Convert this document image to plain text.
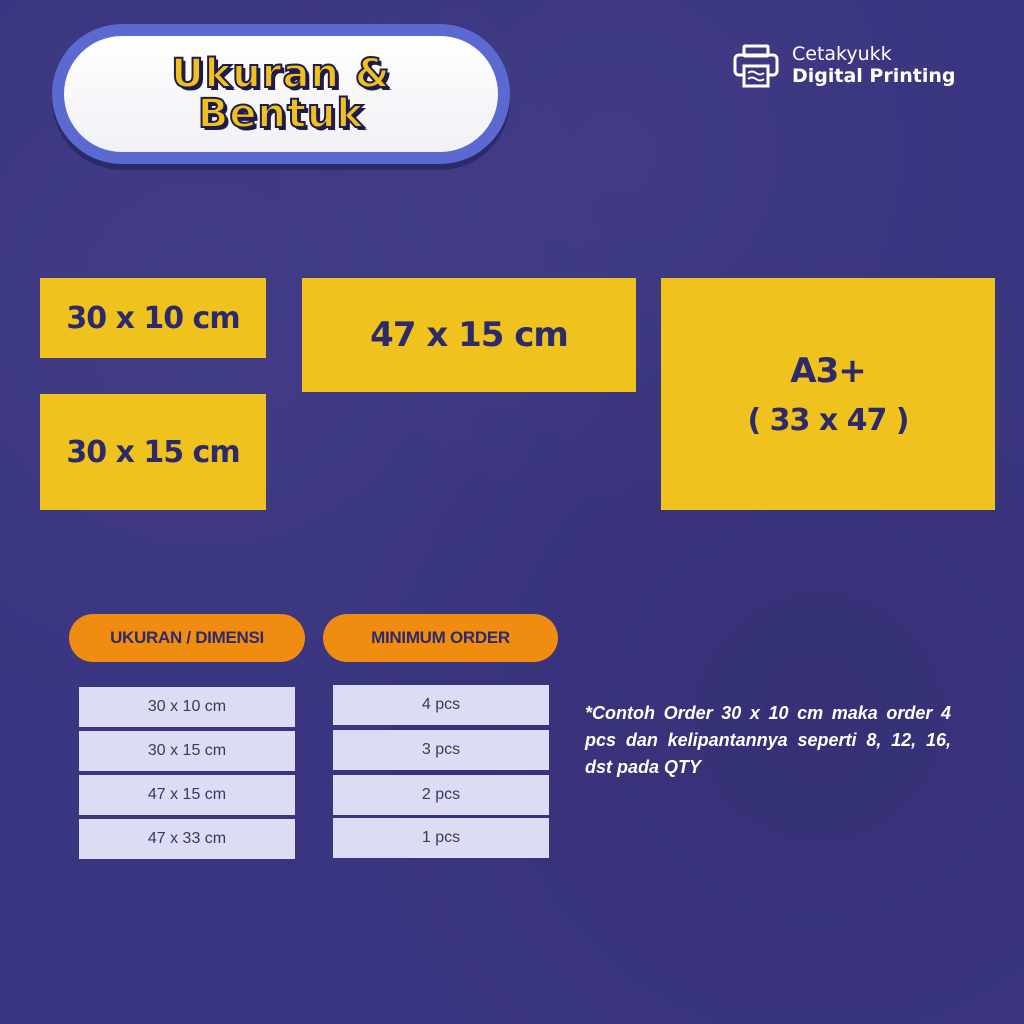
Ukuran &
Bentuk
Cetakyukk
Digital Printing
30 x 10 cm
30 x 15 cm
47 x 15 cm
A3+
( 33 x 47 )
UKURAN / DIMENSI	MINIMUM ORDER
30 x 10 cm
30 x 15 cm
47 x 15 cm
47 x 33 cm
4 pcs
3 pcs
2 pcs
1 pcs
*Contoh Order 30 x 10 cm maka order 4 pcs dan kelipantannya seperti 8, 12, 16, dst pada QTY
